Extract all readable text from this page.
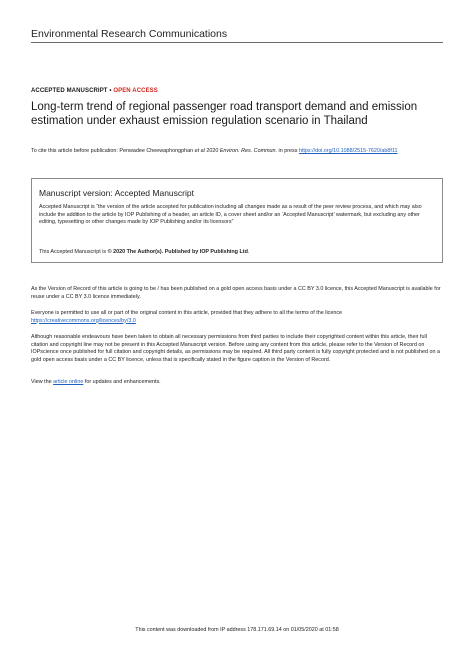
Environmental Research Communications
ACCEPTED MANUSCRIPT • OPEN ACCESS
Long-term trend of regional passenger road transport demand and emission estimation under exhaust emission regulation scenario in Thailand
To cite this article before publication: Penwadee Cheewaphongphan et al 2020 Environ. Res. Commun. in press https://doi.org/10.1088/2515-7620/ab8f11
Manuscript version: Accepted Manuscript
Accepted Manuscript is “the version of the article accepted for publication including all changes made as a result of the peer review process, and which may also include the addition to the article by IOP Publishing of a header, an article ID, a cover sheet and/or an ‘Accepted Manuscript’ watermark, but excluding any other editing, typesetting or other changes made by IOP Publishing and/or its licensors”
This Accepted Manuscript is © 2020 The Author(s). Published by IOP Publishing Ltd.
As the Version of Record of this article is going to be / has been published on a gold open access basis under a CC BY 3.0 licence, this Accepted Manuscript is available for reuse under a CC BY 3.0 licence immediately.
Everyone is permitted to use all or part of the original content in this article, provided that they adhere to all the terms of the licence https://creativecommons.org/licences/by/3.0
Although reasonable endeavours have been taken to obtain all necessary permissions from third parties to include their copyrighted content within this article, their full citation and copyright line may not be present in this Accepted Manuscript version. Before using any content from this article, please refer to the Version of Record on IOPscience once published for full citation and copyright details, as permissions may be required. All third party content is fully copyright protected and is not published on a gold open access basis under a CC BY licence, unless that is specifically stated in the figure caption in the Version of Record.
View the article online for updates and enhancements.
This content was downloaded from IP address 178.171.69.14 on 01/05/2020 at 01:58
